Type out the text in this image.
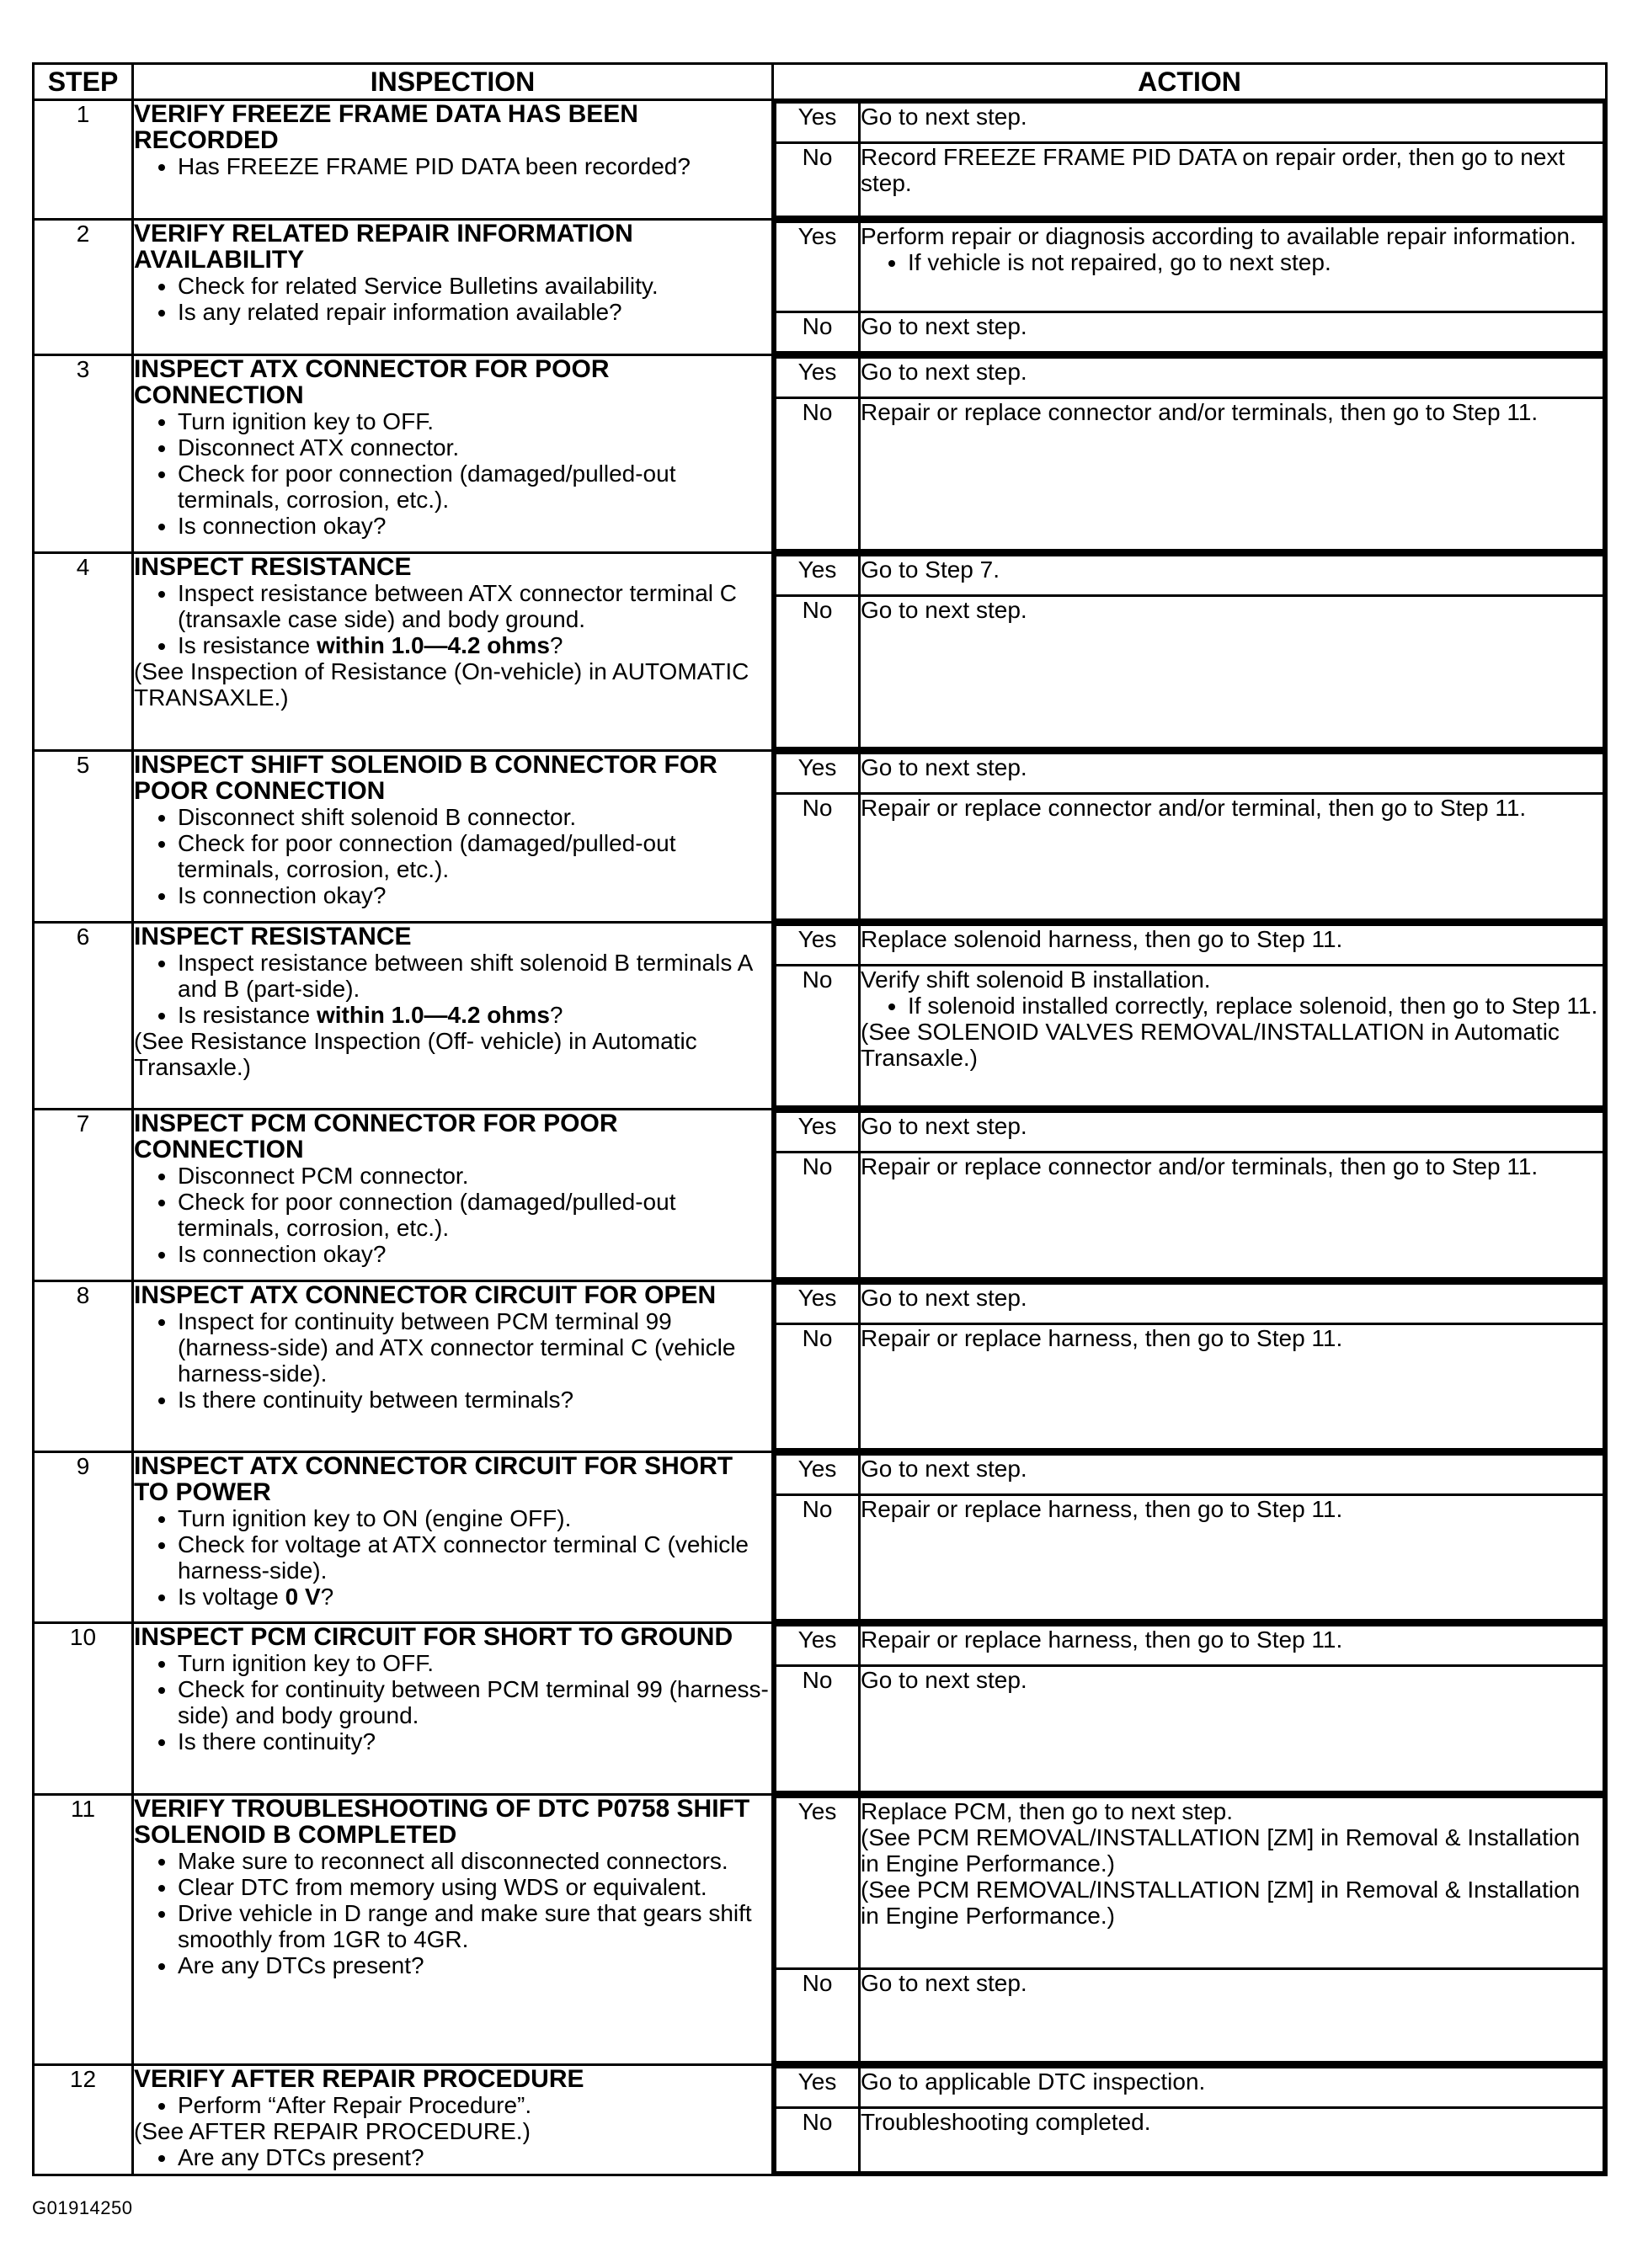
STEP	INSPECTION	ACTION
1	VERIFY FREEZE FRAME DATA HAS BEEN RECORDED
• Has FREEZE FRAME PID DATA been recorded?

Yes	Go to next step.

No	Record FREEZE FRAME PID DATA on repair order, then go to next step.

2	VERIFY RELATED REPAIR INFORMATION AVAILABILITY
• Check for related Service Bulletins availability.
• Is any related repair information available?

Yes	Perform repair or diagnosis according to available repair information.
• If vehicle is not repaired, go to next step.

No	Go to next step.

3	INSPECT ATX CONNECTOR FOR POOR CONNECTION
• Turn ignition key to OFF.
• Disconnect ATX connector.
• Check for poor connection (damaged/pulled-out terminals, corrosion, etc.).
• Is connection okay?

Yes	Go to next step.

No	Repair or replace connector and/or terminals, then go to Step 11.

4	INSPECT RESISTANCE
• Inspect resistance between ATX connector terminal C (transaxle case side) and body ground.
• Is resistance within 1.0—4.2 ohms?
(See Inspection of Resistance (On-vehicle) in AUTOMATIC TRANSAXLE.)

Yes	Go to Step 7.

No	Go to next step.

5	INSPECT SHIFT SOLENOID B CONNECTOR FOR POOR CONNECTION
• Disconnect shift solenoid B connector.
• Check for poor connection (damaged/pulled-out terminals, corrosion, etc.).
• Is connection okay?

Yes	Go to next step.

No	Repair or replace connector and/or terminal, then go to Step 11.

6	INSPECT RESISTANCE
• Inspect resistance between shift solenoid B terminals A and B (part-side).
• Is resistance within 1.0—4.2 ohms?
(See Resistance Inspection (Off- vehicle) in Automatic Transaxle.)

Yes	Replace solenoid harness, then go to Step 11.

No	Verify shift solenoid B installation.
• If solenoid installed correctly, replace solenoid, then go to Step 11.
(See SOLENOID VALVES REMOVAL/INSTALLATION in Automatic Transaxle.)

7	INSPECT PCM CONNECTOR FOR POOR CONNECTION
• Disconnect PCM connector.
• Check for poor connection (damaged/pulled-out terminals, corrosion, etc.).
• Is connection okay?

Yes	Go to next step.

No	Repair or replace connector and/or terminals, then go to Step 11.

8	INSPECT ATX CONNECTOR CIRCUIT FOR OPEN
• Inspect for continuity between PCM terminal 99 (harness-side) and ATX connector terminal C (vehicle harness-side).
• Is there continuity between terminals?

Yes	Go to next step.

No	Repair or replace harness, then go to Step 11.

9	INSPECT ATX CONNECTOR CIRCUIT FOR SHORT TO POWER
• Turn ignition key to ON (engine OFF).
• Check for voltage at ATX connector terminal C (vehicle harness-side).
• Is voltage 0 V?

Yes	Go to next step.

No	Repair or replace harness, then go to Step 11.

10	INSPECT PCM CIRCUIT FOR SHORT TO GROUND
• Turn ignition key to OFF.
• Check for continuity between PCM terminal 99 (harness-side) and body ground.
• Is there continuity?

Yes	Repair or replace harness, then go to Step 11.

No	Go to next step.

11	VERIFY TROUBLESHOOTING OF DTC P0758 SHIFT SOLENOID B COMPLETED
• Make sure to reconnect all disconnected connectors.
• Clear DTC from memory using WDS or equivalent.
• Drive vehicle in D range and make sure that gears shift smoothly from 1GR to 4GR.
• Are any DTCs present?

Yes	Replace PCM, then go to next step.
(See PCM REMOVAL/INSTALLATION [ZM] in Removal & Installation in Engine Performance.)
(See PCM REMOVAL/INSTALLATION [ZM] in Removal & Installation in Engine Performance.)

No	Go to next step.

12	VERIFY AFTER REPAIR PROCEDURE
• Perform “After Repair Procedure”.
(See AFTER REPAIR PROCEDURE.)
• Are any DTCs present?

Yes	Go to applicable DTC inspection.

No	Troubleshooting completed.
G01914250
